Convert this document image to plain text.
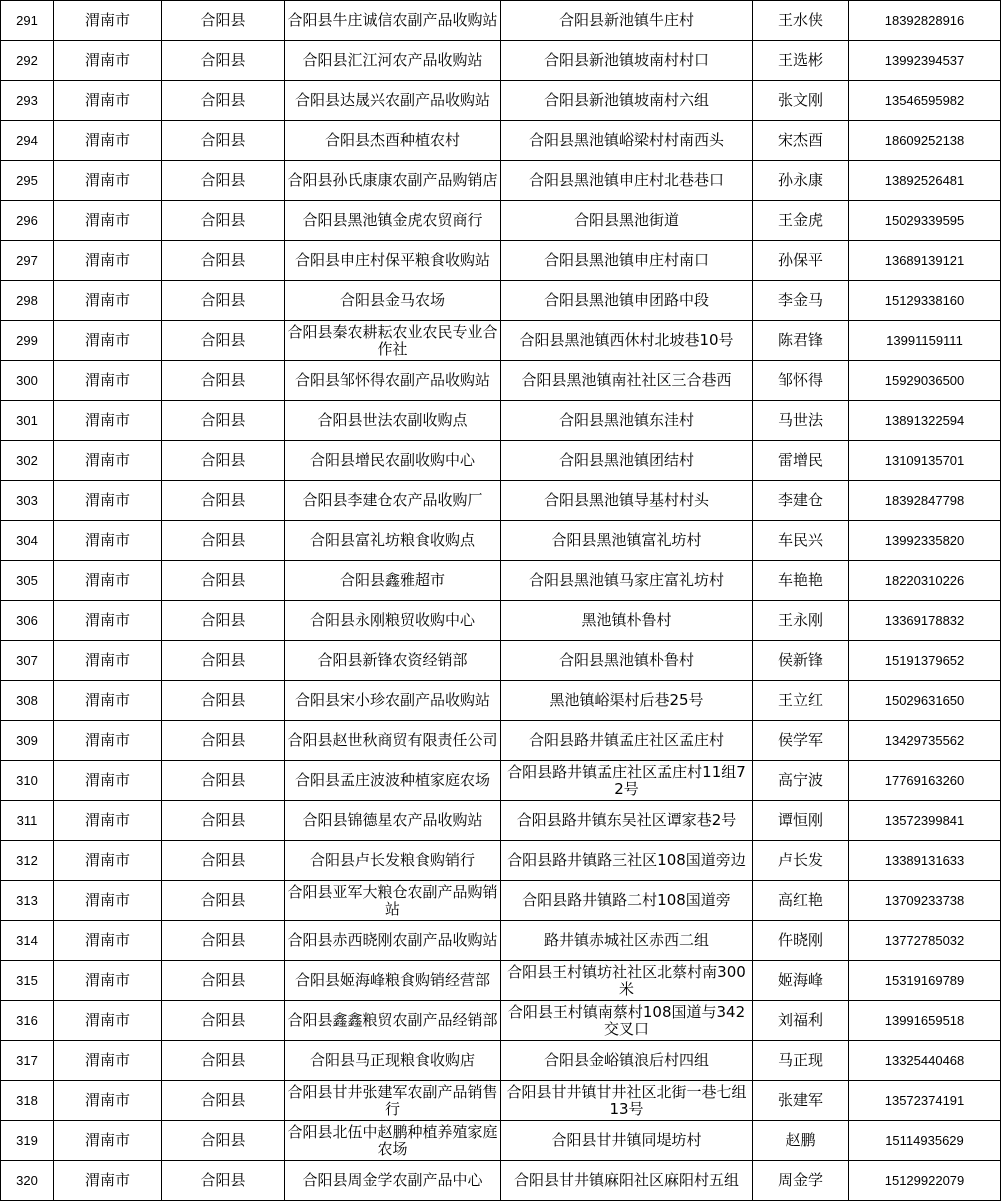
291	渭南市	合阳县	合阳县牛庄诚信农副产品收购站	合阳县新池镇牛庄村	王水侠	18392828916
292	渭南市	合阳县	合阳县汇江河农产品收购站	合阳县新池镇坡南村村口	王选彬	13992394537
293	渭南市	合阳县	合阳县达晟兴农副产品收购站	合阳县新池镇坡南村六组	张文刚	13546595982
294	渭南市	合阳县	合阳县杰酉种植农村	合阳县黑池镇峪梁村村南西头	宋杰酉	18609252138
295	渭南市	合阳县	合阳县孙氏康康农副产品购销店	合阳县黑池镇申庄村北巷巷口	孙永康	13892526481
296	渭南市	合阳县	合阳县黑池镇金虎农贸商行	合阳县黑池街道	王金虎	15029339595
297	渭南市	合阳县	合阳县申庄村保平粮食收购站	合阳县黑池镇申庄村南口	孙保平	13689139121
298	渭南市	合阳县	合阳县金马农场	合阳县黑池镇申团路中段	李金马	15129338160
299	渭南市	合阳县	合阳县秦农耕耘农业农民专业合作社	合阳县黑池镇西休村北坡巷10号	陈君锋	13991159111
300	渭南市	合阳县	合阳县邹怀得农副产品收购站	合阳县黑池镇南社社区三合巷西	邹怀得	15929036500
301	渭南市	合阳县	合阳县世法农副收购点	合阳县黑池镇东洼村	马世法	13891322594
302	渭南市	合阳县	合阳县增民农副收购中心	合阳县黑池镇团结村	雷增民	13109135701
303	渭南市	合阳县	合阳县李建仓农产品收购厂	合阳县黑池镇导基村村头	李建仓	18392847798
304	渭南市	合阳县	合阳县富礼坊粮食收购点	合阳县黑池镇富礼坊村	车民兴	13992335820
305	渭南市	合阳县	合阳县鑫雅超市	合阳县黑池镇马家庄富礼坊村	车艳艳	18220310226
306	渭南市	合阳县	合阳县永刚粮贸收购中心	黑池镇朴鲁村	王永刚	13369178832
307	渭南市	合阳县	合阳县新锋农资经销部	合阳县黑池镇朴鲁村	侯新锋	15191379652
308	渭南市	合阳县	合阳县宋小珍农副产品收购站	黑池镇峪渠村后巷25号	王立红	15029631650
309	渭南市	合阳县	合阳县赵世秋商贸有限责任公司	合阳县路井镇孟庄社区孟庄村	侯学军	13429735562
310	渭南市	合阳县	合阳县孟庄波波种植家庭农场	合阳县路井镇孟庄社区孟庄村11组72号	高宁波	17769163260
311	渭南市	合阳县	合阳县锦德星农产品收购站	合阳县路井镇东吴社区谭家巷2号	谭恒刚	13572399841
312	渭南市	合阳县	合阳县卢长发粮食购销行	合阳县路井镇路三社区108国道旁边	卢长发	13389131633
313	渭南市	合阳县	合阳县亚军大粮仓农副产品购销站	合阳县路井镇路二村108国道旁	高红艳	13709233738
314	渭南市	合阳县	合阳县赤西晓刚农副产品收购站	路井镇赤城社区赤西二组	仵晓刚	13772785032
315	渭南市	合阳县	合阳县姬海峰粮食购销经营部	合阳县王村镇坊社社区北蔡村南300米	姬海峰	15319169789
316	渭南市	合阳县	合阳县鑫鑫粮贸农副产品经销部	合阳县王村镇南蔡村108国道与342交叉口	刘福利	13991659518
317	渭南市	合阳县	合阳县马正现粮食收购店	合阳县金峪镇浪后村四组	马正现	13325440468
318	渭南市	合阳县	合阳县甘井张建军农副产品销售行	合阳县甘井镇甘井社区北街一巷七组13号	张建军	13572374191
319	渭南市	合阳县	合阳县北伍中赵鹏种植养殖家庭农场	合阳县甘井镇同堤坊村	赵鹏	15114935629
320	渭南市	合阳县	合阳县周金学农副产品中心	合阳县甘井镇麻阳社区麻阳村五组	周金学	15129922079
